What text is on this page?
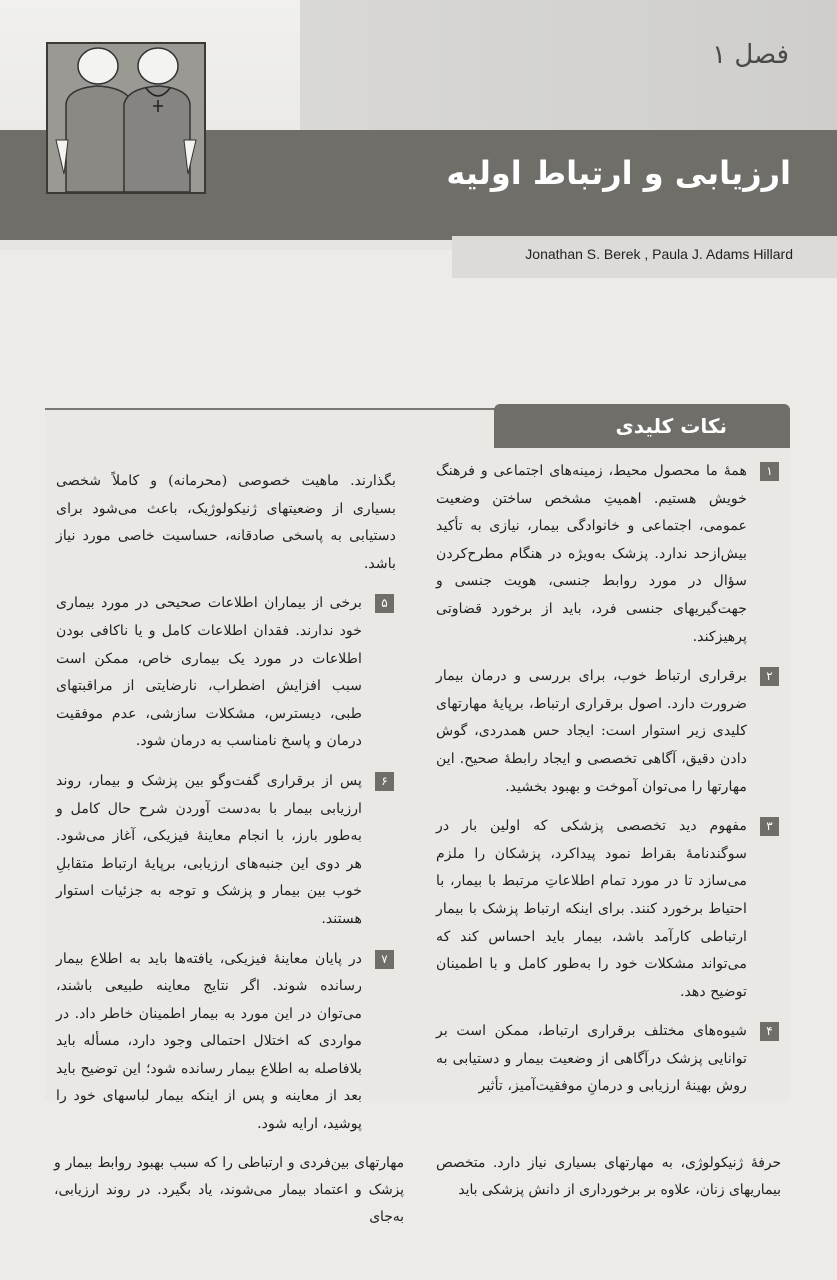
فصل ۱
ارزیابی و ارتباط اولیه
Jonathan S. Berek , Paula J. Adams Hillard
نکات کلیدی
۱
همهٔ ما محصول محیط، زمینه‌های اجتماعی و فرهنگ خویش هستیم. اهمیتِ مشخص ساختن وضعیت عمومی، اجتماعی و خانوادگی بیمار، نیازی به تأکید بیش‌ازحد ندارد. پزشک به‌ویژه در هنگام مطرح‌کردن سؤال در مورد روابط جنسی، هویت جنسی و جهت‌گیریهای جنسی فرد، باید از برخورد قضاوتی پرهیزکند.
۲
برقراری ارتباط خوب، برای بررسی و درمان بیمار ضرورت دارد. اصول برقراری ارتباط، برپایهٔ مهارتهای کلیدی زیر استوار است: ایجاد حس همدردی، گوش دادن دقیق، آگاهی تخصصی و ایجاد رابطهٔ صحیح. این مهارتها را می‌توان آموخت و بهبود بخشید.
۳
مفهوم دید تخصصی پزشکی که اولین بار در سوگندنامهٔ بقراط نمود پیداکرد، پزشکان را ملزم می‌سازد تا در مورد تمام اطلاعاتِ مرتبط با بیمار، با احتیاط برخورد کنند. برای اینکه ارتباط پزشک با بیمار ارتباطی کارآمد باشد، بیمار باید احساس کند که می‌تواند مشکلات خود را به‌طور کامل و با اطمینان توضیح دهد.
۴
شیوه‌های مختلف برقراری ارتباط، ممکن است بر توانایی پزشک درآگاهی از وضعیت بیمار و دستیابی به روش بهینهٔ ارزیابی و درمانِ موفقیت‌آمیز، تأثیر
بگذارند. ماهیت خصوصی (محرمانه) و کاملاً شخصی بسیاری از وضعیتهای ژنیکولوژیک، باعث می‌شود برای دستیابی به پاسخی صادقانه، حساسیت خاصی مورد نیاز باشد.
۵
برخی از بیماران اطلاعات صحیحی در مورد بیماری خود ندارند. فقدان اطلاعات کامل و یا ناکافی بودن اطلاعات در مورد یک بیماری خاص، ممکن است سبب افزایش اضطراب، نارضایتی از مراقبتهای طبی، دیسترس، مشکلات سازشی، عدم موفقیت درمان و پاسخ نامناسب به درمان شود.
۶
پس از برقراری گفت‌وگو بین پزشک و بیمار، روند ارزیابی بیمار با به‌دست آوردن شرح حال کامل و به‌طور بارز، با انجام معاینهٔ فیزیکی، آغاز می‌شود. هر دوی این جنبه‌های ارزیابی، برپایهٔ ارتباط متقابلِ خوب بین بیمار و پزشک و توجه به جزئیات استوار هستند.
۷
در پایان معاینهٔ فیزیکی، یافته‌ها باید به اطلاع بیمار رسانده شوند. اگر نتایج معاینه طبیعی باشند، می‌توان در این مورد به بیمار اطمینان خاطر داد. در مواردی که اختلال احتمالی وجود دارد، مسأله باید بلافاصله به اطلاع بیمار رسانده شود؛ این توضیح باید بعد از معاینه و پس از اینکه بیمار لباسهای خود را پوشید، ارایه شود.
حرفهٔ ژنیکولوژی، به مهارتهای بسیاری نیاز دارد. متخصص بیماریهای زنان، علاوه بر برخورداری از دانش پزشکی باید
مهارتهای بین‌فردی و ارتباطی را که سبب بهبود روابط بیمار و پزشک و اعتماد بیمار می‌شوند، یاد بگیرد. در روند ارزیابی، به‌جای
